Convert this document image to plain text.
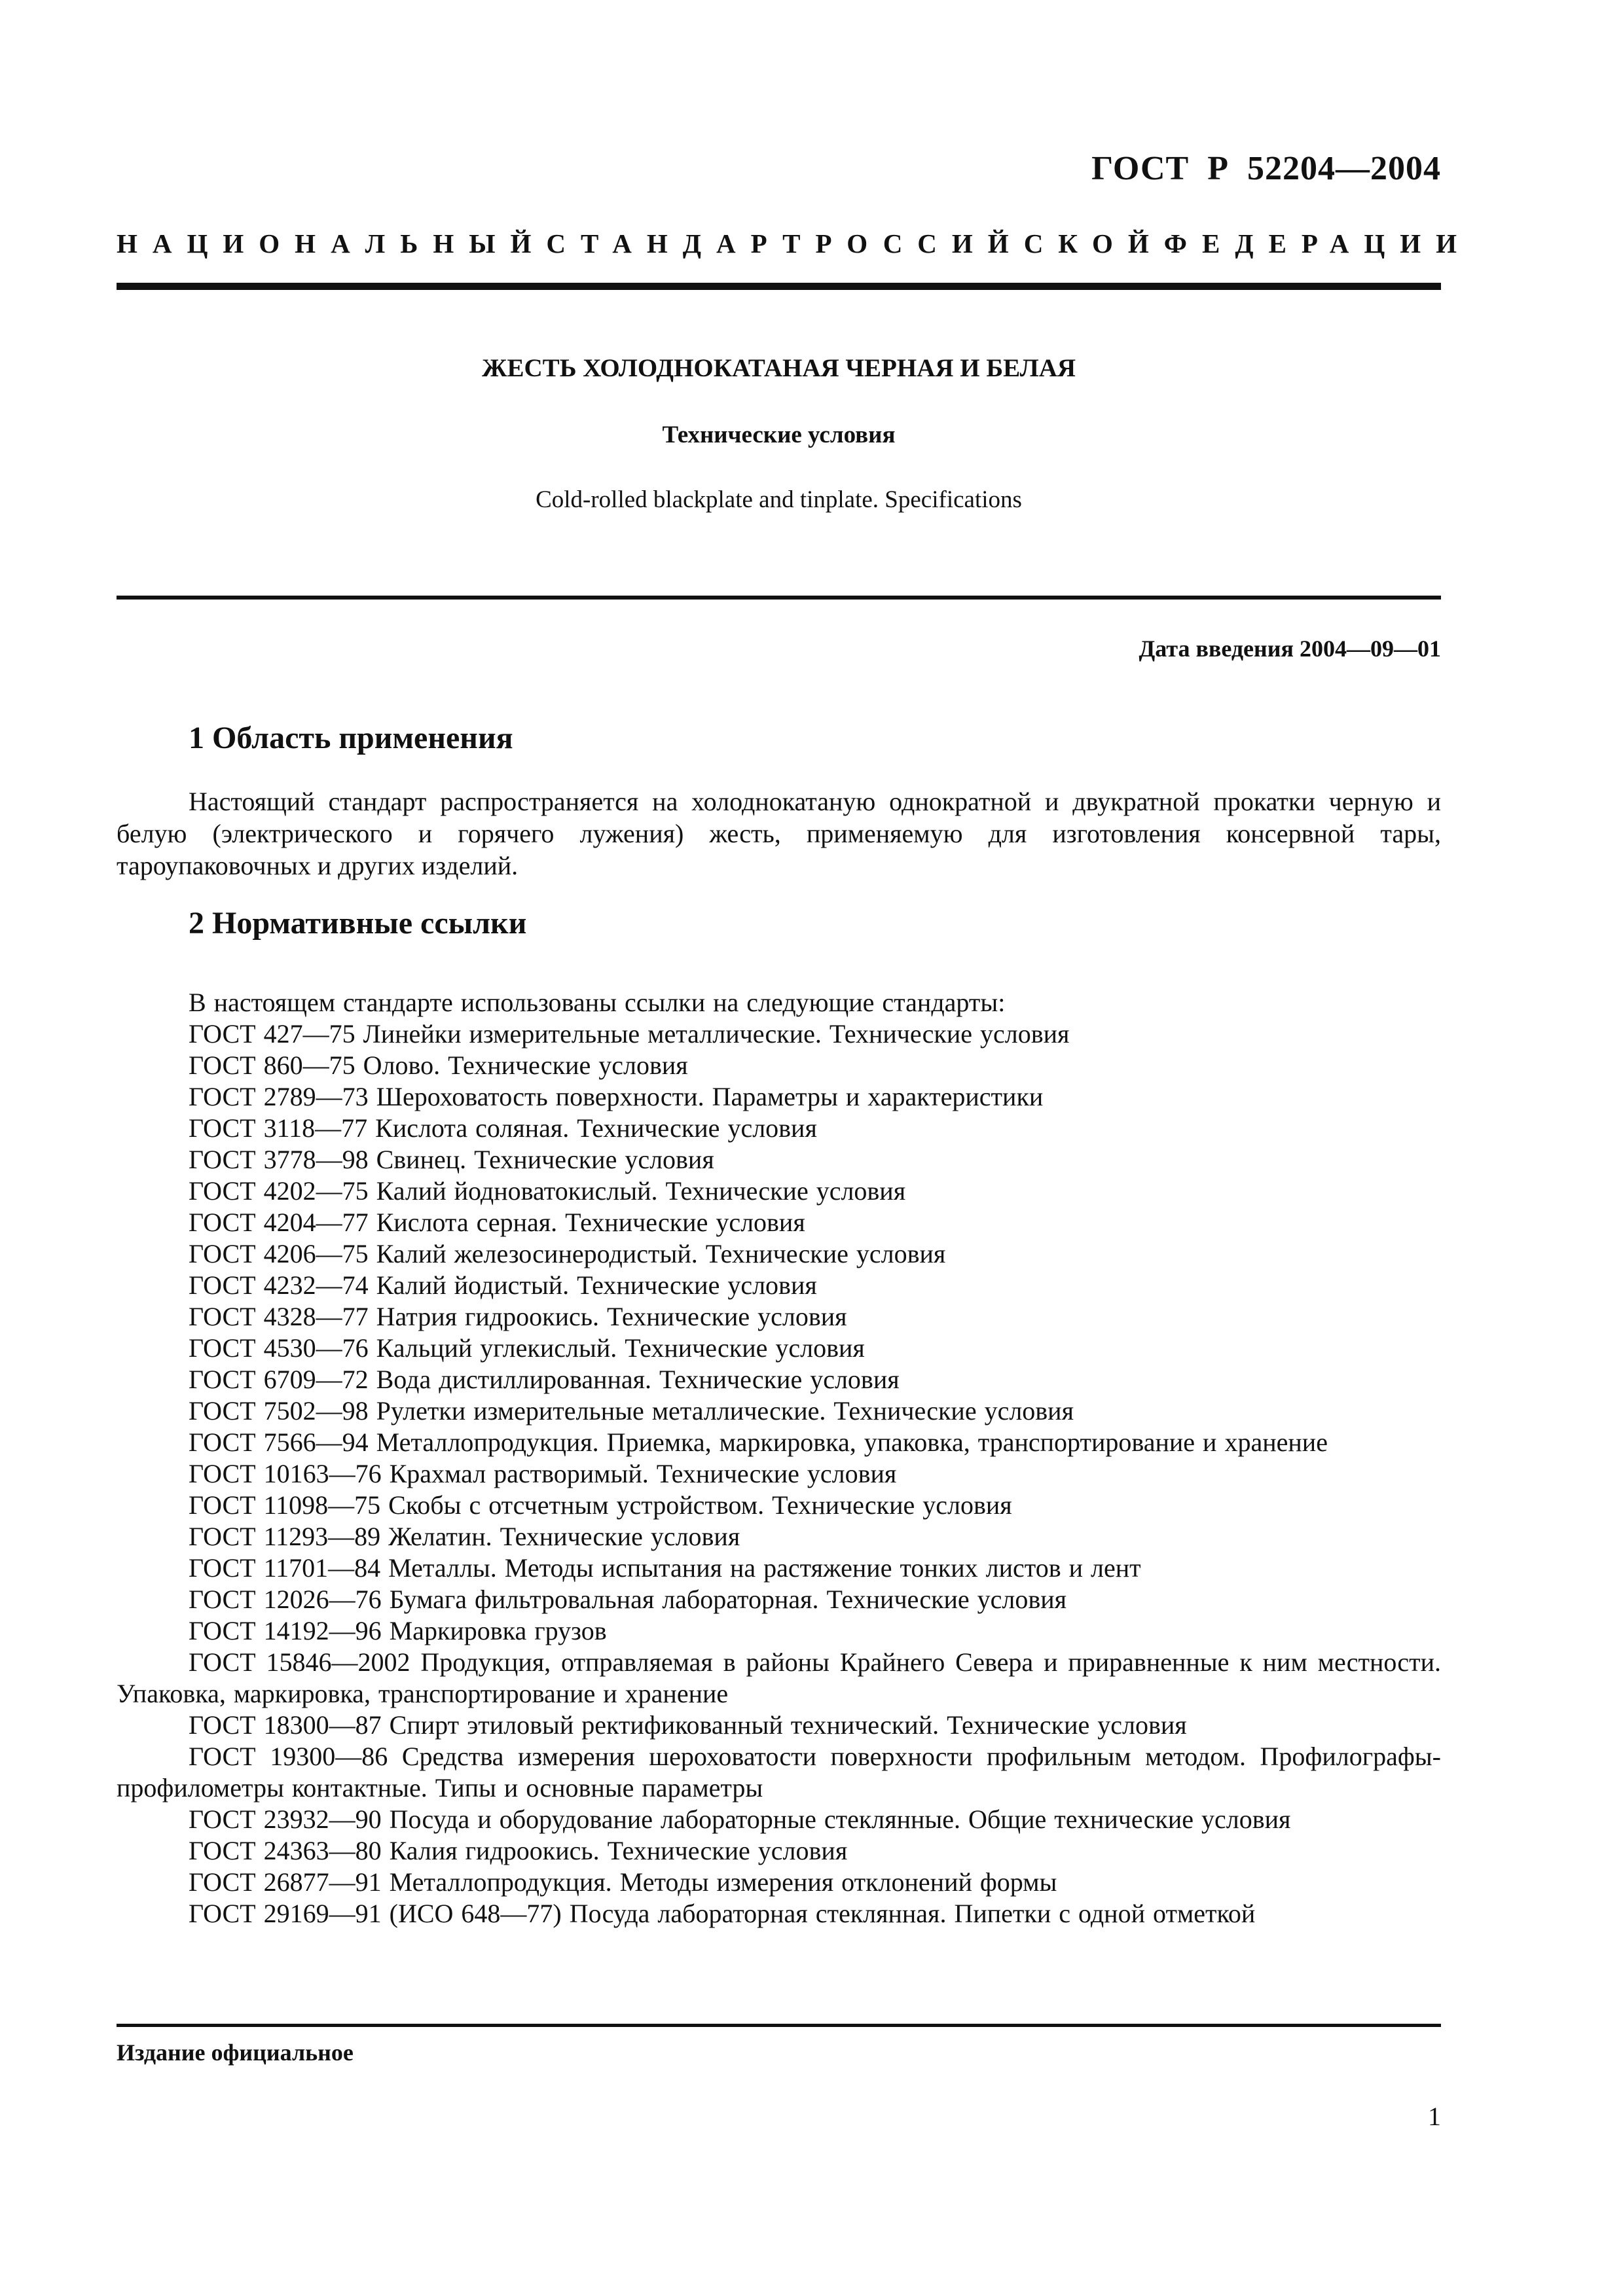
ГОСТ  Р  52204—2004
НАЦИОНАЛЬНЫЙ СТАНДАРТ РОССИЙСКОЙ ФЕДЕРАЦИИ
ЖЕСТЬ ХОЛОДНОКАТАНАЯ ЧЕРНАЯ И БЕЛАЯ
Технические условия
Cold-rolled blackplate and tinplate. Specifications
Дата введения 2004—09—01
1 Область применения
Настоящий стандарт распространяется на холоднокатаную однократной и двукратной прокатки черную и белую (электрического и горячего лужения) жесть, применяемую для изготовления консервной тары, тароупаковочных и других изделий.
2 Нормативные ссылки
В настоящем стандарте использованы ссылки на следующие стандарты:
ГОСТ 427—75 Линейки измерительные металлические. Технические условия
ГОСТ 860—75 Олово. Технические условия
ГОСТ 2789—73 Шероховатость поверхности. Параметры и характеристики
ГОСТ 3118—77 Кислота соляная. Технические условия
ГОСТ 3778—98 Свинец. Технические условия
ГОСТ 4202—75 Калий йодноватокислый. Технические условия
ГОСТ 4204—77 Кислота серная. Технические условия
ГОСТ 4206—75 Калий железосинеродистый. Технические условия
ГОСТ 4232—74 Калий йодистый. Технические условия
ГОСТ 4328—77 Натрия гидроокись. Технические условия
ГОСТ 4530—76 Кальций углекислый. Технические условия
ГОСТ 6709—72 Вода дистиллированная. Технические условия
ГОСТ 7502—98 Рулетки измерительные металлические. Технические условия
ГОСТ 7566—94 Металлопродукция. Приемка, маркировка, упаковка, транспортирование и хранение
ГОСТ 10163—76 Крахмал растворимый. Технические условия
ГОСТ 11098—75 Скобы с отсчетным устройством. Технические условия
ГОСТ 11293—89 Желатин. Технические условия
ГОСТ 11701—84 Металлы. Методы испытания на растяжение тонких листов и лент
ГОСТ 12026—76 Бумага фильтровальная лабораторная. Технические условия
ГОСТ 14192—96 Маркировка грузов
ГОСТ 15846—2002 Продукция, отправляемая в районы Крайнего Севера и приравненные к ним местности. Упаковка, маркировка, транспортирование и хранение
ГОСТ 18300—87 Спирт этиловый ректификованный технический. Технические условия
ГОСТ 19300—86 Средства измерения шероховатости поверхности профильным методом. Профилографы-профилометры контактные. Типы и основные параметры
ГОСТ 23932—90 Посуда и оборудование лабораторные стеклянные. Общие технические условия
ГОСТ 24363—80 Калия гидроокись. Технические условия
ГОСТ 26877—91 Металлопродукция. Методы измерения отклонений формы
ГОСТ 29169—91 (ИСО 648—77) Посуда лабораторная стеклянная. Пипетки с одной отметкой
Издание официальное
1
